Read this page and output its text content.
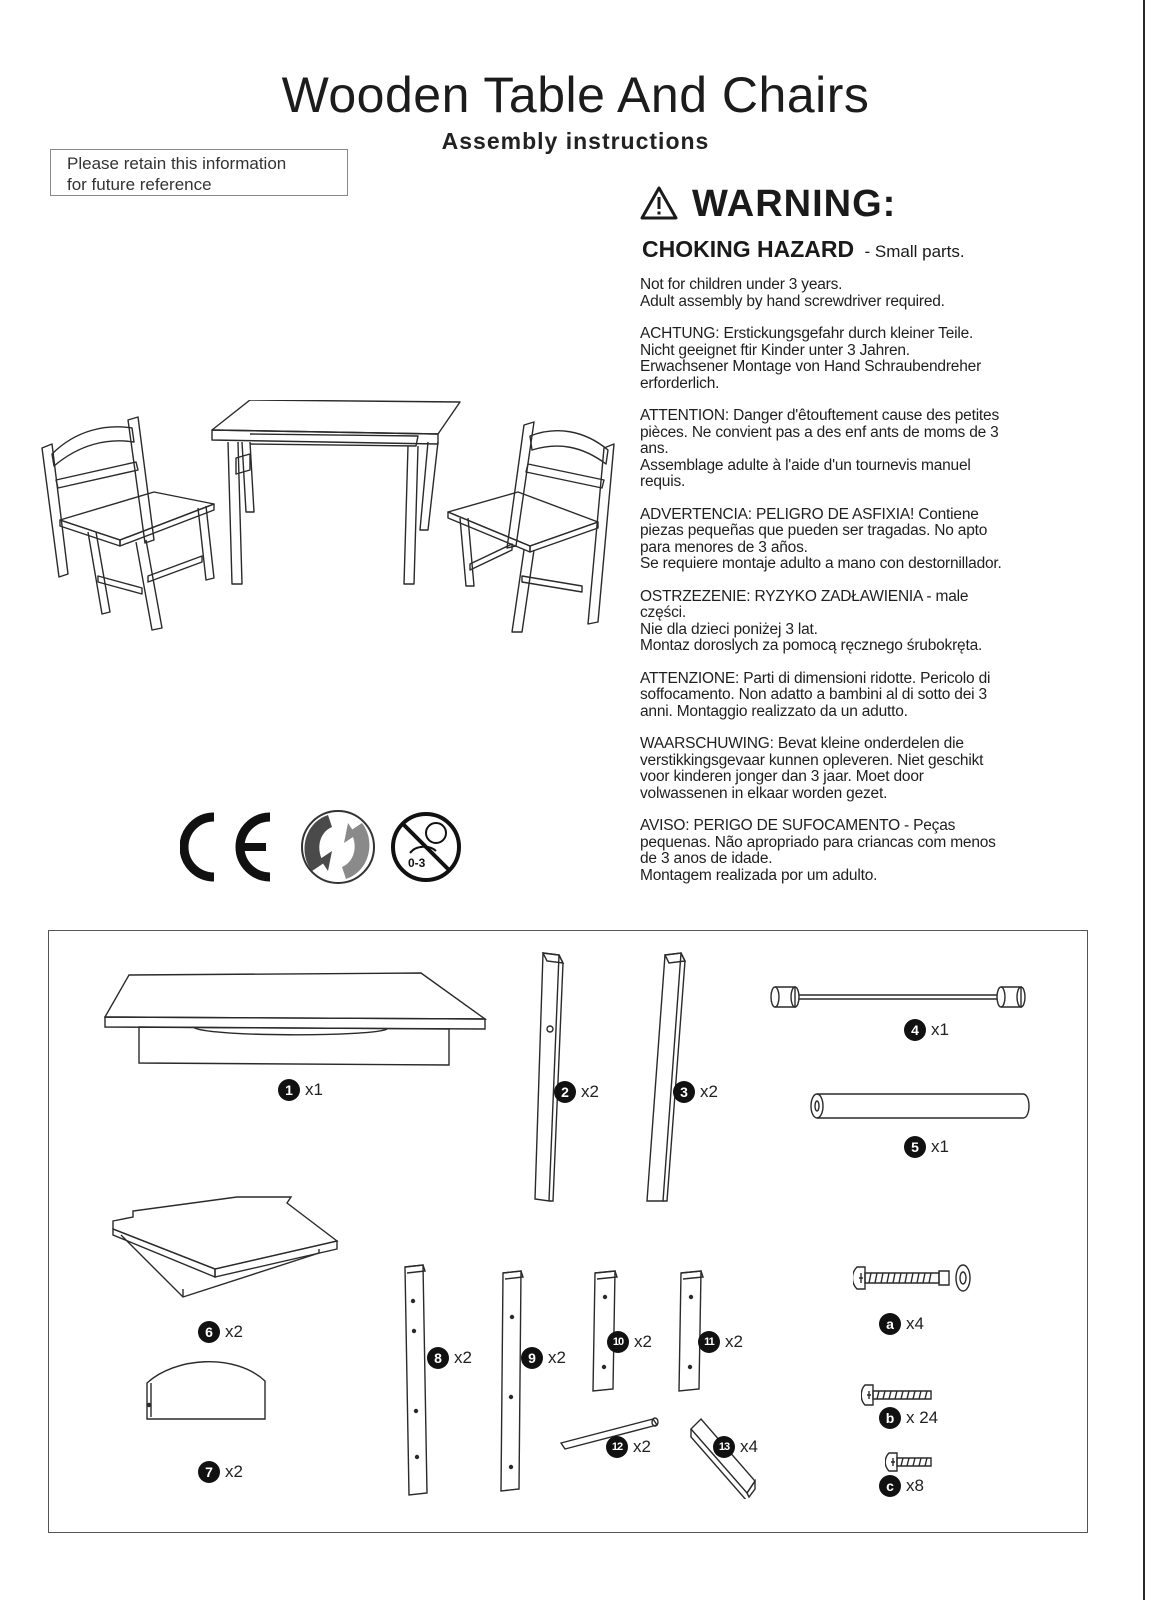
Wooden Table And Chairs
Assembly instructions
Please retain this information
for future reference	WARNING:
CHOKING HAZARD - Small parts.
Not for children under 3 years.
Adult assembly by hand screwdriver required.
ACHTUNG: Erstickungsgefahr durch kleiner Teile.
Nicht geeignet ftir Kinder unter 3 Jahren.
Erwachsener Montage von Hand Schraubendreher
erforderlich.
ATTENTION: Danger d'êtouftement cause des petites
pièces. Ne convient pas a des enf ants de moms de 3
ans.
Assemblage adulte à l'aide d'un tournevis manuel
requis.
ADVERTENCIA: PELIGRO DE ASFIXIA! Contiene
piezas pequeñas que pueden ser tragadas. No apto
para menores de 3 años.
Se requiere montaje adulto a mano con destornillador.
OSTRZEZENIE: RYZYKO ZADŁAWIENIA - male
części.
Nie dla dzieci poniżej 3 lat.
Montaz doroslych za pomocą ręcznego śrubokręta.
ATTENZIONE: Parti di dimensioni ridotte. Pericolo di
soffocamento. Non adatto a bambini al di sotto dei 3
anni. Montaggio realizzato da un adutto.
WAARSCHUWING: Bevat kleine onderdelen die
verstikkingsgevaar kunnen opleveren. Niet geschikt
voor kinderen jonger dan 3 jaar. Moet door
volwassenen in elkaar worden gezet.
AVISO: PERIGO DE SUFOCAMENTO - Peças
pequenas. Não apropriado para criancas com menos
de 3 anos de idade.
Montagem realizada por um adulto.
0-3
1 x1	2 x2	3 x2
4 x1
5 x1
6 x2
7 x2
8 x2	9 x2
10 x2	11 x2
12 x2	13 x4
a x4
b x 24
c x8
